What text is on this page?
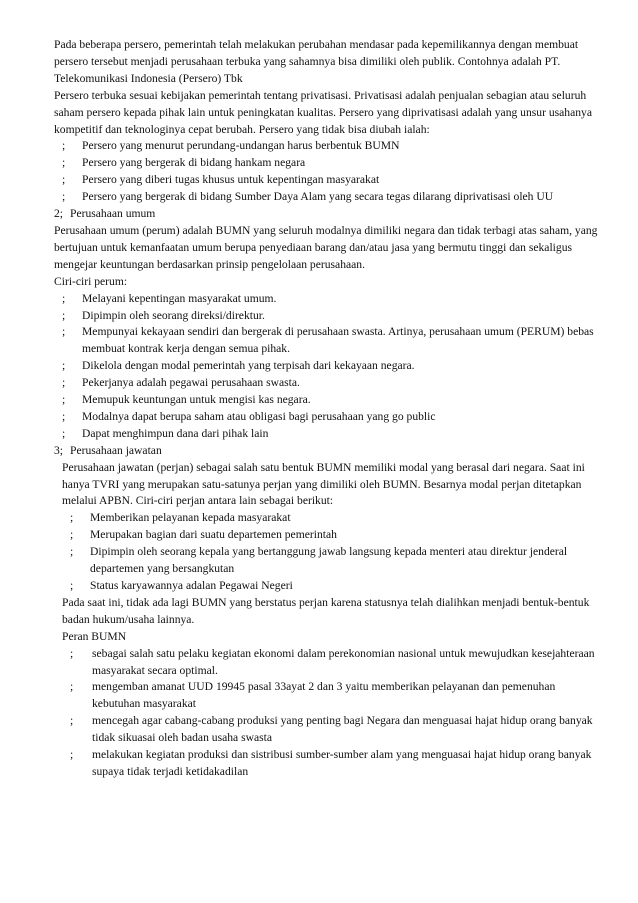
Pada beberapa persero, pemerintah telah melakukan perubahan mendasar pada kepemilikannya dengan membuat persero tersebut menjadi perusahaan terbuka yang sahamnya bisa dimiliki oleh publik. Contohnya adalah PT. Telekomunikasi Indonesia (Persero) Tbk

Persero terbuka sesuai kebijakan pemerintah tentang privatisasi. Privatisasi adalah penjualan sebagian atau seluruh saham persero kepada pihak lain untuk peningkatan kualitas. Persero yang diprivatisasi adalah yang unsur usahanya kompetitif dan teknologinya cepat berubah. Persero yang tidak bisa diubah ialah:

;	Persero yang menurut perundang-undangan harus berbentuk BUMN
;	Persero yang bergerak di bidang hankam negara
;	Persero yang diberi tugas khusus untuk kepentingan masyarakat
;	Persero yang bergerak di bidang Sumber Daya Alam yang secara tegas dilarang diprivatisasi oleh UU
2; Perusahaan umum

Perusahaan umum (perum) adalah BUMN yang seluruh modalnya dimiliki negara dan tidak terbagi atas saham, yang bertujuan untuk kemanfaatan umum berupa penyediaan barang dan/atau jasa yang bermutu tinggi dan sekaligus mengejar keuntungan berdasarkan prinsip pengelolaan perusahaan.

Ciri-ciri perum:

;	Melayani kepentingan masyarakat umum.
;	Dipimpin oleh seorang direksi/direktur.
;	Mempunyai kekayaan sendiri dan bergerak di perusahaan swasta. Artinya, perusahaan umum (PERUM) bebas membuat kontrak kerja dengan semua pihak.
;	Dikelola dengan modal pemerintah yang terpisah dari kekayaan negara.
;	Pekerjanya adalah pegawai perusahaan swasta.
;	Memupuk keuntungan untuk mengisi kas negara.
;	Modalnya dapat berupa saham atau obligasi bagi perusahaan yang go public
;	Dapat menghimpun dana dari pihak lain
3; Perusahaan jawatan

Perusahaan jawatan (perjan) sebagai salah satu bentuk BUMN memiliki modal yang berasal dari negara. Saat ini hanya TVRI yang merupakan satu-satunya perjan yang dimiliki oleh BUMN. Besarnya modal perjan ditetapkan melalui APBN. Ciri-ciri perjan antara lain sebagai berikut:

;	Memberikan pelayanan kepada masyarakat
;	Merupakan bagian dari suatu departemen pemerintah
;	Dipimpin oleh seorang kepala yang bertanggung jawab langsung kepada menteri atau direktur jenderal departemen yang bersangkutan
;	Status karyawannya adalan Pegawai Negeri

Pada saat ini, tidak ada lagi BUMN yang berstatus perjan karena statusnya telah dialihkan menjadi bentuk-bentuk badan hukum/usaha lainnya.

Peran BUMN

;	sebagai salah satu pelaku kegiatan ekonomi dalam perekonomian nasional untuk mewujudkan kesejahteraan masyarakat secara optimal.
;	mengemban amanat UUD 19945 pasal 33ayat 2 dan 3 yaitu memberikan pelayanan dan pemenuhan kebutuhan masyarakat
;	mencegah agar cabang-cabang produksi yang penting bagi Negara dan menguasai hajat hidup orang banyak tidak sikuasai oleh badan usaha swasta
;	melakukan kegiatan produksi dan sistribusi sumber-sumber alam yang menguasai hajat hidup orang banyak supaya tidak terjadi ketidakadilan
